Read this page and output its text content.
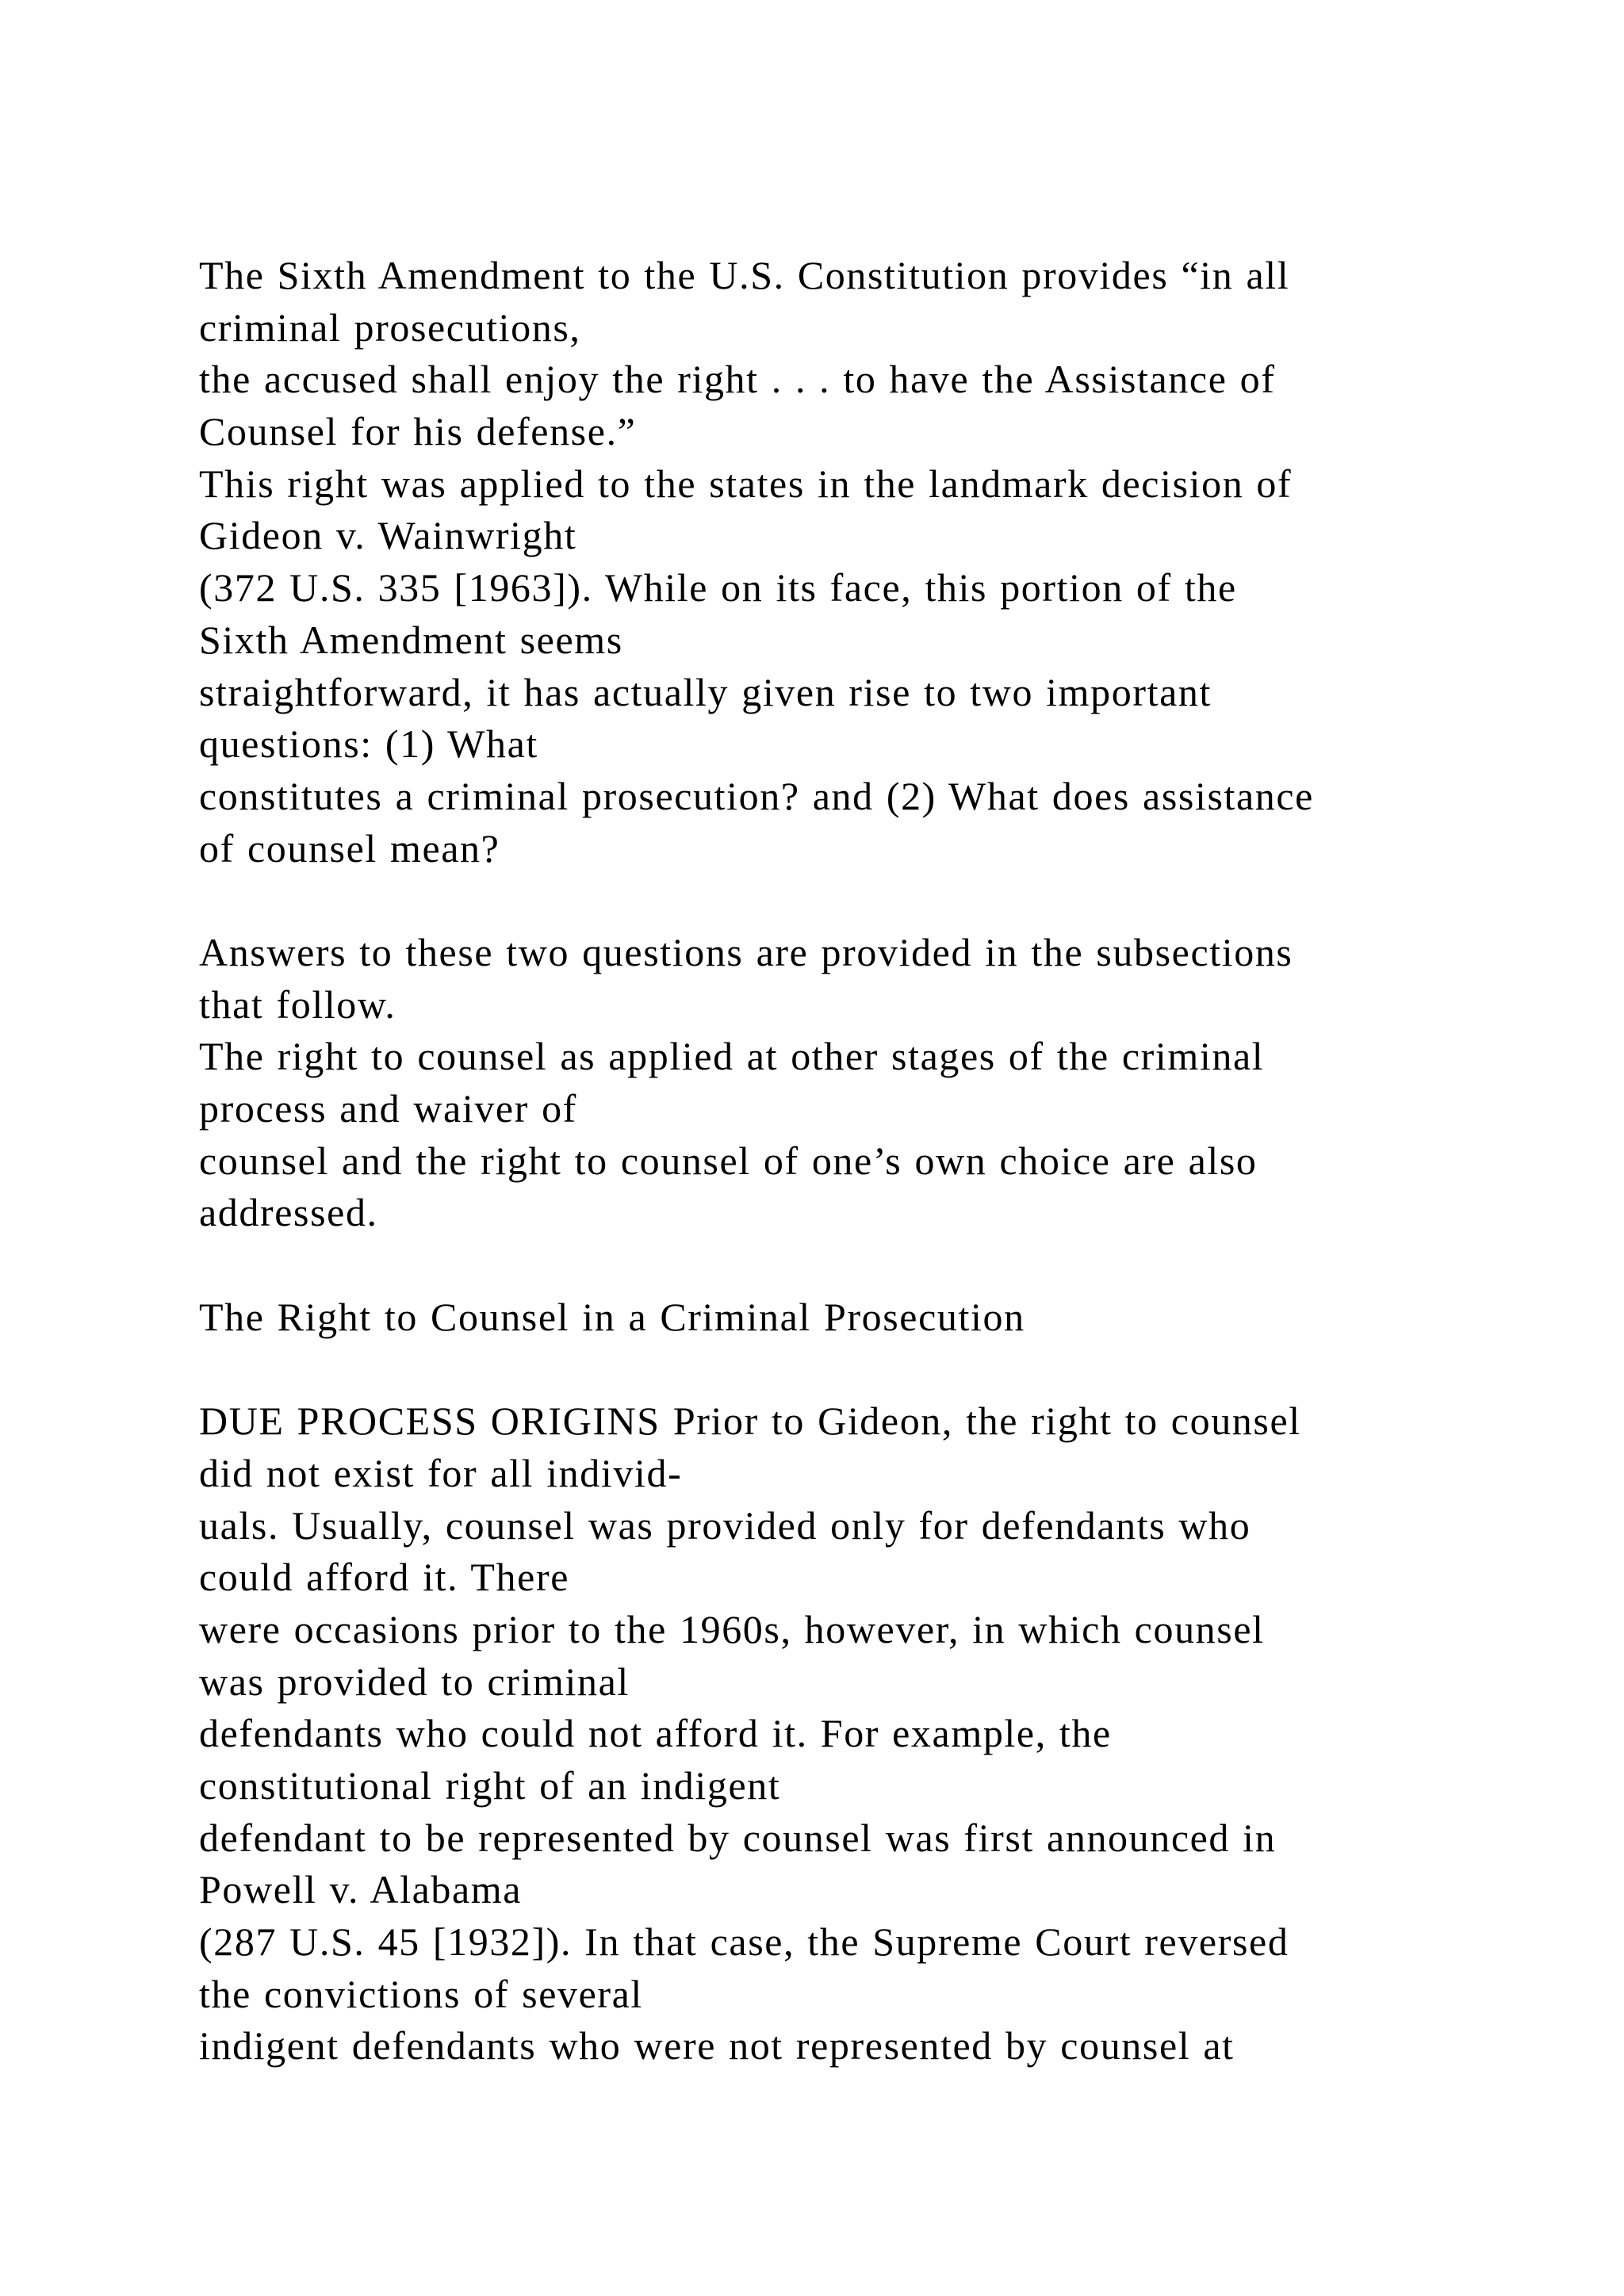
The Sixth Amendment to the U.S. Constitution provides “in all
criminal prosecutions,
the accused shall enjoy the right . . . to have the Assistance of
Counsel for his defense.”
This right was applied to the states in the landmark decision of
Gideon v. Wainwright
(372 U.S. 335 [1963]). While on its face, this portion of the
Sixth Amendment seems
straightforward, it has actually given rise to two important
questions: (1) What
constitutes a criminal prosecution? and (2) What does assistance
of counsel mean?
Answers to these two questions are provided in the subsections
that follow.
The right to counsel as applied at other stages of the criminal
process and waiver of
counsel and the right to counsel of one’s own choice are also
addressed.
The Right to Counsel in a Criminal Prosecution
DUE PROCESS ORIGINS Prior to Gideon, the right to counsel
did not exist for all individ-
uals. Usually, counsel was provided only for defendants who
could afford it. There
were occasions prior to the 1960s, however, in which counsel
was provided to criminal
defendants who could not afford it. For example, the
constitutional right of an indigent
defendant to be represented by counsel was first announced in
Powell v. Alabama
(287 U.S. 45 [1932]). In that case, the Supreme Court reversed
the convictions of several
indigent defendants who were not represented by counsel at
